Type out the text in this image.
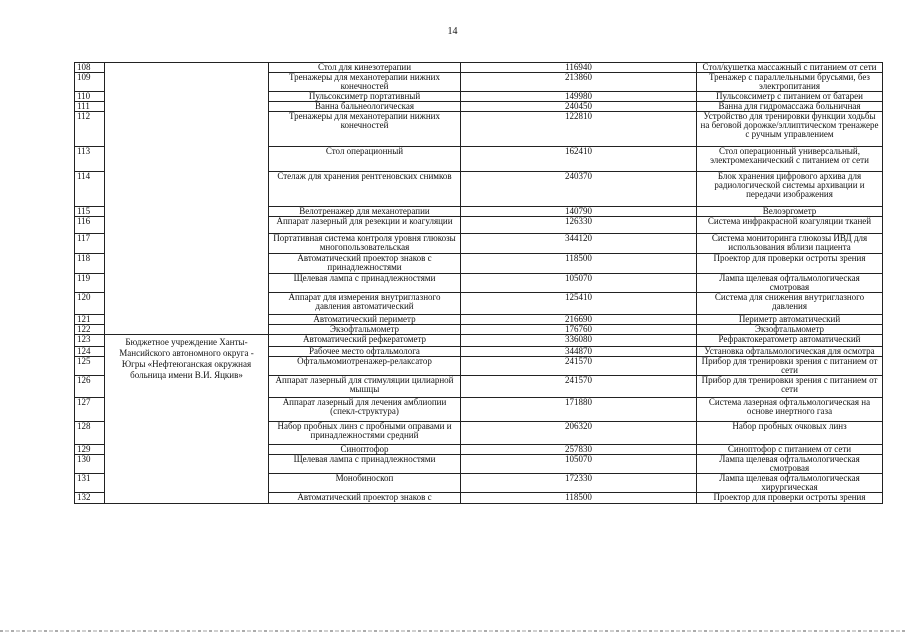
14
108		Стол для кинезотерапии	116940	Стол/кушетка массажный с питанием от сети
109		Тренажеры для механотерапии нижних конечностей	213860	Тренажер с параллельными брусьями, без электропитания
110		Пульсоксиметр портативный	149980	Пульсоксиметр с питанием от батареи
111		Ванна бальнеологическая	240450	Ванна для гидромассажа больничная
112		Тренажеры для механотерапии нижних конечностей	122810	Устройство для тренировки функции ходьбы на беговой дорожке/эллиптическом тренажере с ручным управлением
113		Стол операционный	162410	Стол операционный универсальный, электромеханический с питанием от сети
114		Стелаж для хранения рентгеновских снимков	240370	Блок хранения цифрового архива для радиологической системы архивации и передачи изображения
115		Велотренажер для механотерапии	140790	Велоэргометр
116		Аппарат лазерный для резекции и коагуляции	126330	Система инфракрасной коагуляции тканей
117		Портативная система контроля уровня глюкозы многопользовательская	344120	Система мониторинга глюкозы ИВД для использования вблизи пациента
118		Автоматический проектор знаков с принадлежностями	118500	Проектор для проверки остроты зрения
119		Щелевая лампа с принадлежностями	105070	Лампа щелевая офтальмологическая смотровая
120		Аппарат для измерения внутриглазного давления автоматический	125410	Система для снижения внутриглазного давления
121		Автоматический периметр	216690	Периметр автоматический
122		Экзофтальмометр	176760	Экзофтальмометр
123	Бюджетное учреждение Ханты-Мансийского автономного округа - Югры «Нефтеюганская окружная больница имени В.И. Яцкив»	Автоматический рефкератометр	336080	Рефрактокератометр автоматический
124		Рабочее место офтальмолога	344870	Установка офтальмологическая для осмотра
125		Офтальмомиотренажер-релаксатор	241570	Прибор для тренировки зрения с питанием от сети
126		Аппарат лазерный для стимуляции цилиарной мышцы	241570	Прибор для тренировки зрения с питанием от сети
127		Аппарат лазерный для лечения амблиопии (спекл-структура)	171880	Система лазерная офтальмологическая на основе инертного газа
128		Набор пробных линз с пробными оправами и принадлежностями средний	206320	Набор пробных очковых линз
129		Синоптофор	257830	Синоптофор с питанием от сети
130		Щелевая лампа с принадлежностями	105070	Лампа щелевая офтальмологическая смотровая
131		Монобиноскоп	172330	Лампа щелевая офтальмологическая хирургическая
132		Автоматический проектор знаков с	118500	Проектор для проверки остроты зрения
